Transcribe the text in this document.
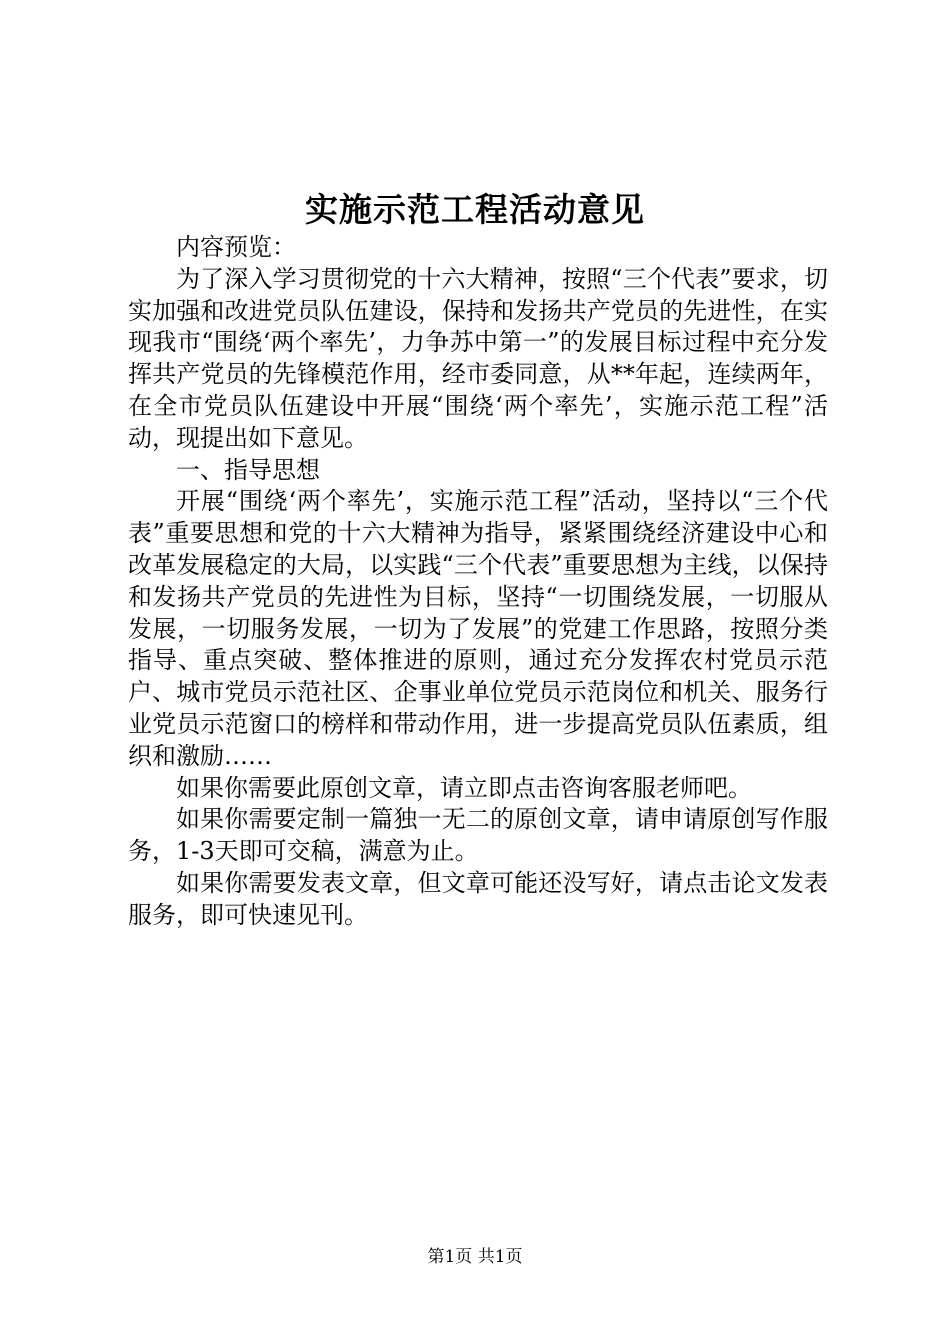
实施示范工程活动意见

内容预览：

为了深入学习贯彻党的十六大精神，按照“三个代表”要求，切实加强和改进党员队伍建设，保持和发扬共产党员的先进性，在实现我市“围绕‘两个率先’，力争苏中第一”的发展目标过程中充分发挥共产党员的先锋模范作用，经市委同意，从**年起，连续两年，在全市党员队伍建设中开展“围绕‘两个率先’，实施示范工程”活动，现提出如下意见。

一、指导思想

开展“围绕‘两个率先’，实施示范工程”活动，坚持以“三个代表”重要思想和党的十六大精神为指导，紧紧围绕经济建设中心和改革发展稳定的大局，以实践“三个代表”重要思想为主线，以保持和发扬共产党员的先进性为目标，坚持“一切围绕发展，一切服从发展，一切服务发展，一切为了发展”的党建工作思路，按照分类指导、重点突破、整体推进的原则，通过充分发挥农村党员示范户、城市党员示范社区、企事业单位党员示范岗位和机关、服务行业党员示范窗口的榜样和带动作用，进一步提高党员队伍素质，组织和激励……

如果你需要此原创文章，请立即点击咨询客服老师吧。

如果你需要定制一篇独一无二的原创文章，请申请原创写作服务，1-3天即可交稿，满意为止。

如果你需要发表文章，但文章可能还没写好，请点击论文发表服务，即可快速见刊。

第1页 共1页
